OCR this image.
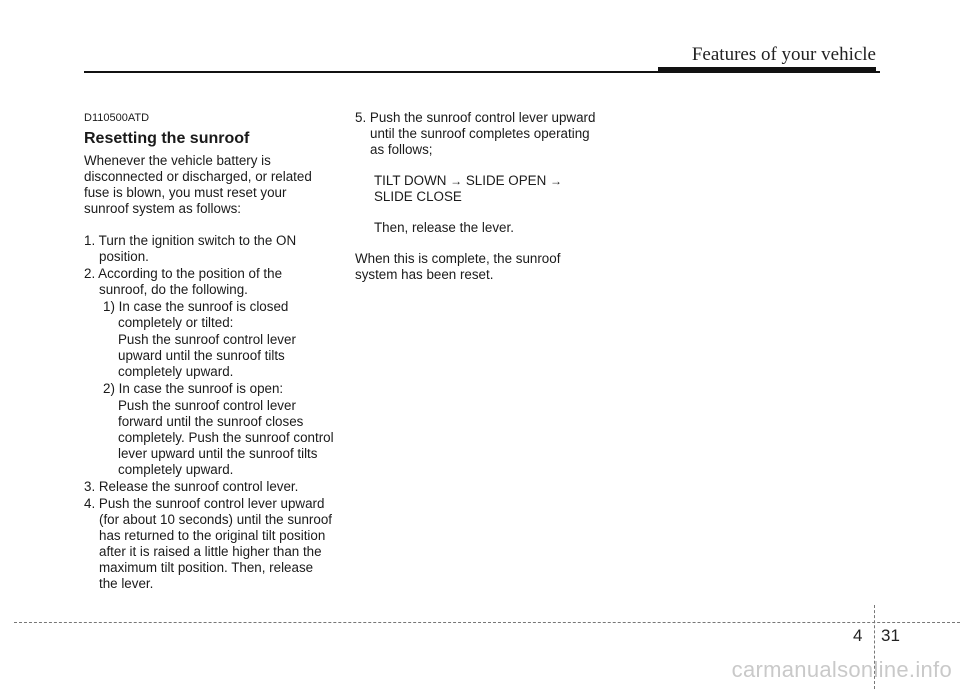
Features of your vehicle

D110500ATD

Resetting the sunroof

Whenever the vehicle battery is disconnected or discharged, or related fuse is blown, you must reset your sunroof system as follows:

1. Turn the ignition switch to the ON position.

2. According to the position of the sunroof, do the following.

1) In case the sunroof is closed completely or tilted:

Push the sunroof control lever upward until the sunroof tilts completely upward.

2) In case the sunroof is open:

Push the sunroof control lever forward until the sunroof closes completely. Push the sunroof control lever upward until the sunroof tilts completely upward.

3. Release the sunroof control lever.

4. Push the sunroof control lever upward (for about 10 seconds) until the sunroof has returned to the original tilt position after it is raised a little higher than the maximum tilt position. Then, release the lever.

5. Push the sunroof control lever upward until the sunroof completes operating as follows;

TILT DOWN → SLIDE OPEN →
SLIDE CLOSE

Then, release the lever.

When this is complete, the sunroof system has been reset.

4 31
carmanualsonline.info
